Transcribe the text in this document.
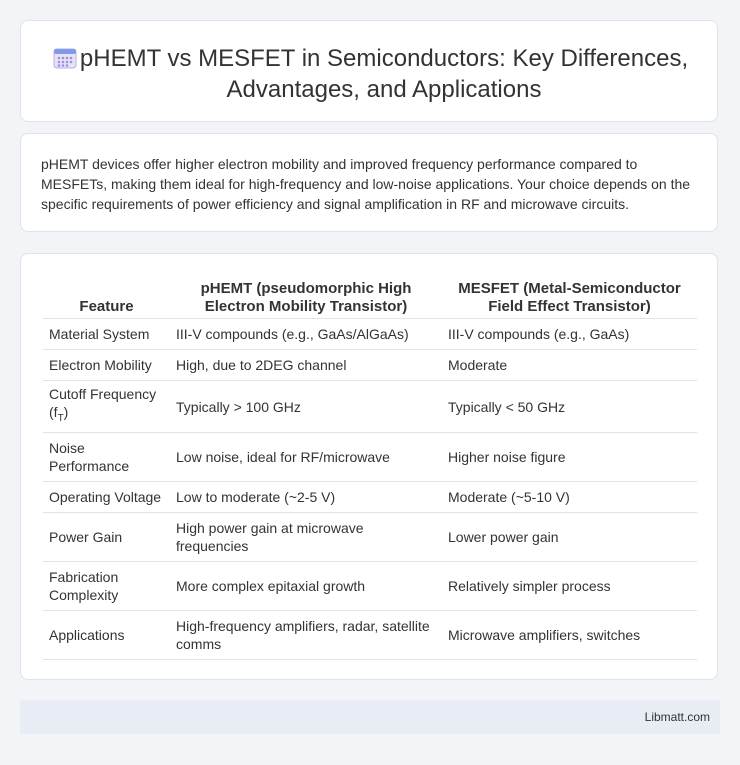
pHEMT vs MESFET in Semiconductors: Key Differences, Advantages, and Applications

pHEMT devices offer higher electron mobility and improved frequency performance compared to MESFETs, making them ideal for high-frequency and low-noise applications. Your choice depends on the specific requirements of power efficiency and signal amplification in RF and microwave circuits.

Feature	pHEMT (pseudomorphic High Electron Mobility Transistor)	MESFET (Metal-Semiconductor Field Effect Transistor)
Material System	III-V compounds (e.g., GaAs/AlGaAs)	III-V compounds (e.g., GaAs)
Electron Mobility	High, due to 2DEG channel	Moderate
Cutoff Frequency $(f_T)$	Typically > 100 GHz	Typically < 50 GHz
Noise Performance	Low noise, ideal for RF/microwave	Higher noise figure
Operating Voltage	Low to moderate (~2-5 V)	Moderate (~5-10 V)
Power Gain	High power gain at microwave frequencies	Lower power gain
Fabrication Complexity	More complex epitaxial growth	Relatively simpler process
Applications	High-frequency amplifiers, radar, satellite comms	Microwave amplifiers, switches
Libmatt.com
